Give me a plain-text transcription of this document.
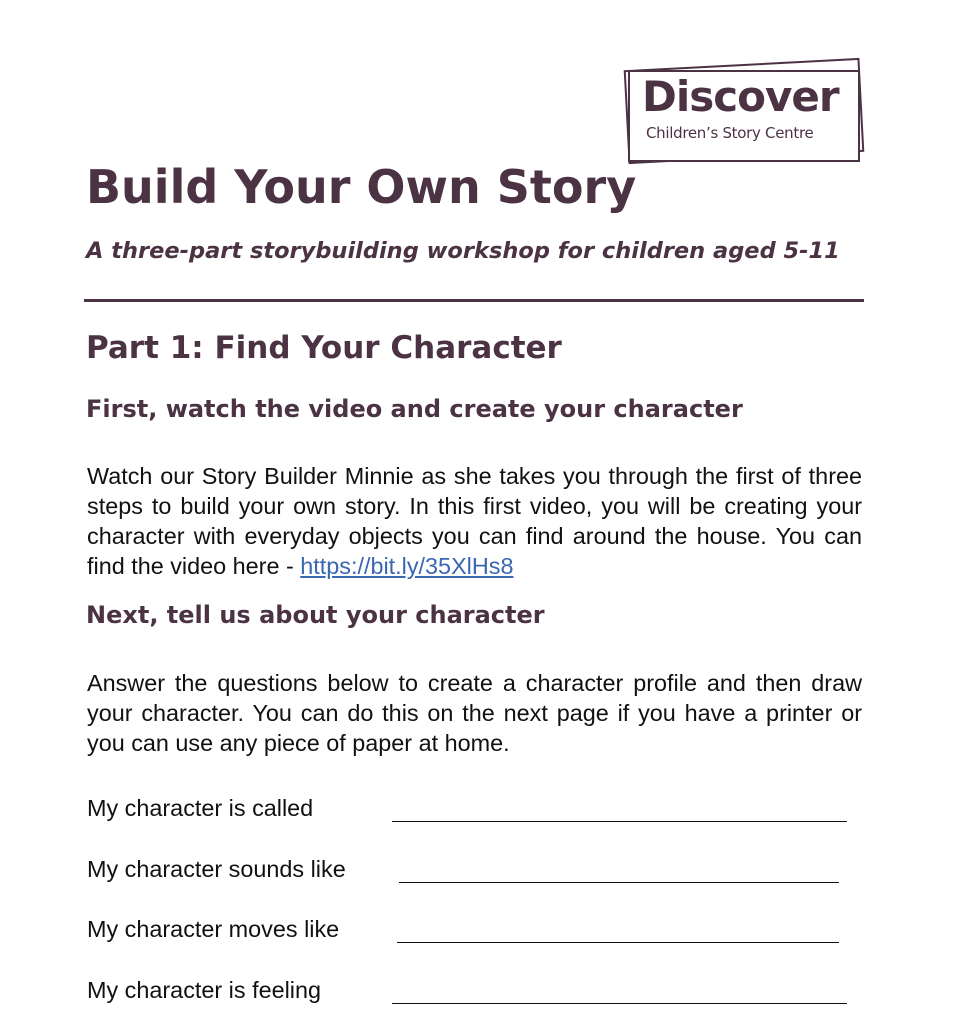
Discover
Children’s Story Centre
Build Your Own Story

A three-part storybuilding workshop for children aged 5-11

Part 1: Find Your Character
First, watch the video and create your character

Watch our Story Builder Minnie as she takes you through the first of three steps to build your own story. In this first video, you will be creating your character with everyday objects you can find around the house. You can find the video here - https://bit.ly/35XlHs8

Next, tell us about your character

Answer the questions below to create a character profile and then draw your character. You can do this on the next page if you have a printer or you can use any piece of paper at home.

My character is called
My character sounds like
My character moves like
My character is feeling
